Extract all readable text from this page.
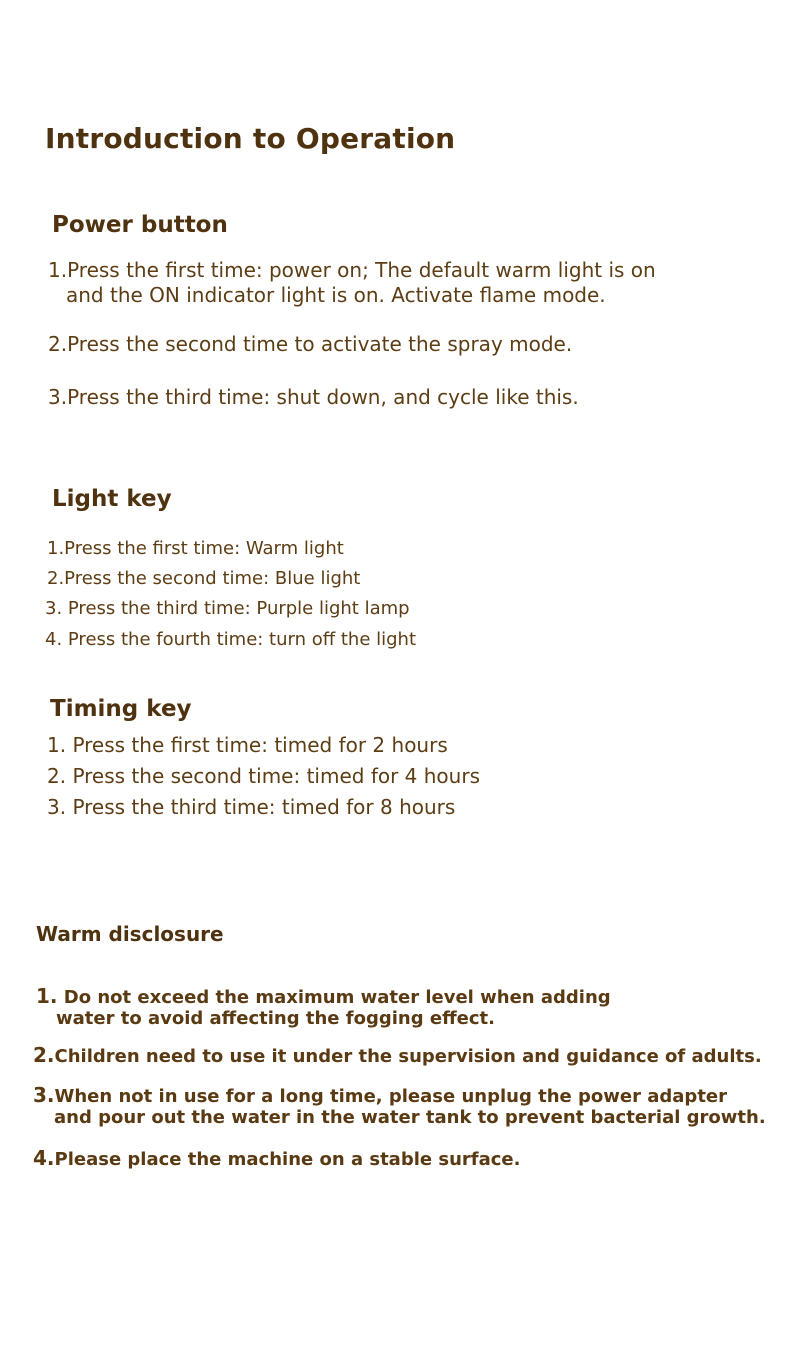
Introduction to Operation
Power button
1.Press the first time: power on; The default warm light is on
and the ON indicator light is on. Activate flame mode.
2.Press the second time to activate the spray mode.
3.Press the third time: shut down, and cycle like this.
Light key
1.Press the first time: Warm light
2.Press the second time: Blue light
3. Press the third time: Purple light lamp
4. Press the fourth time: turn off the light
Timing key
1. Press the first time: timed for 2 hours
2. Press the second time: timed for 4 hours
3. Press the third time: timed for 8 hours
Warm disclosure
1. Do not exceed the maximum water level when adding
water to avoid affecting the fogging effect.
2.Children need to use it under the supervision and guidance of adults.
3.When not in use for a long time, please unplug the power adapter
and pour out the water in the water tank to prevent bacterial growth.
4.Please place the machine on a stable surface.
